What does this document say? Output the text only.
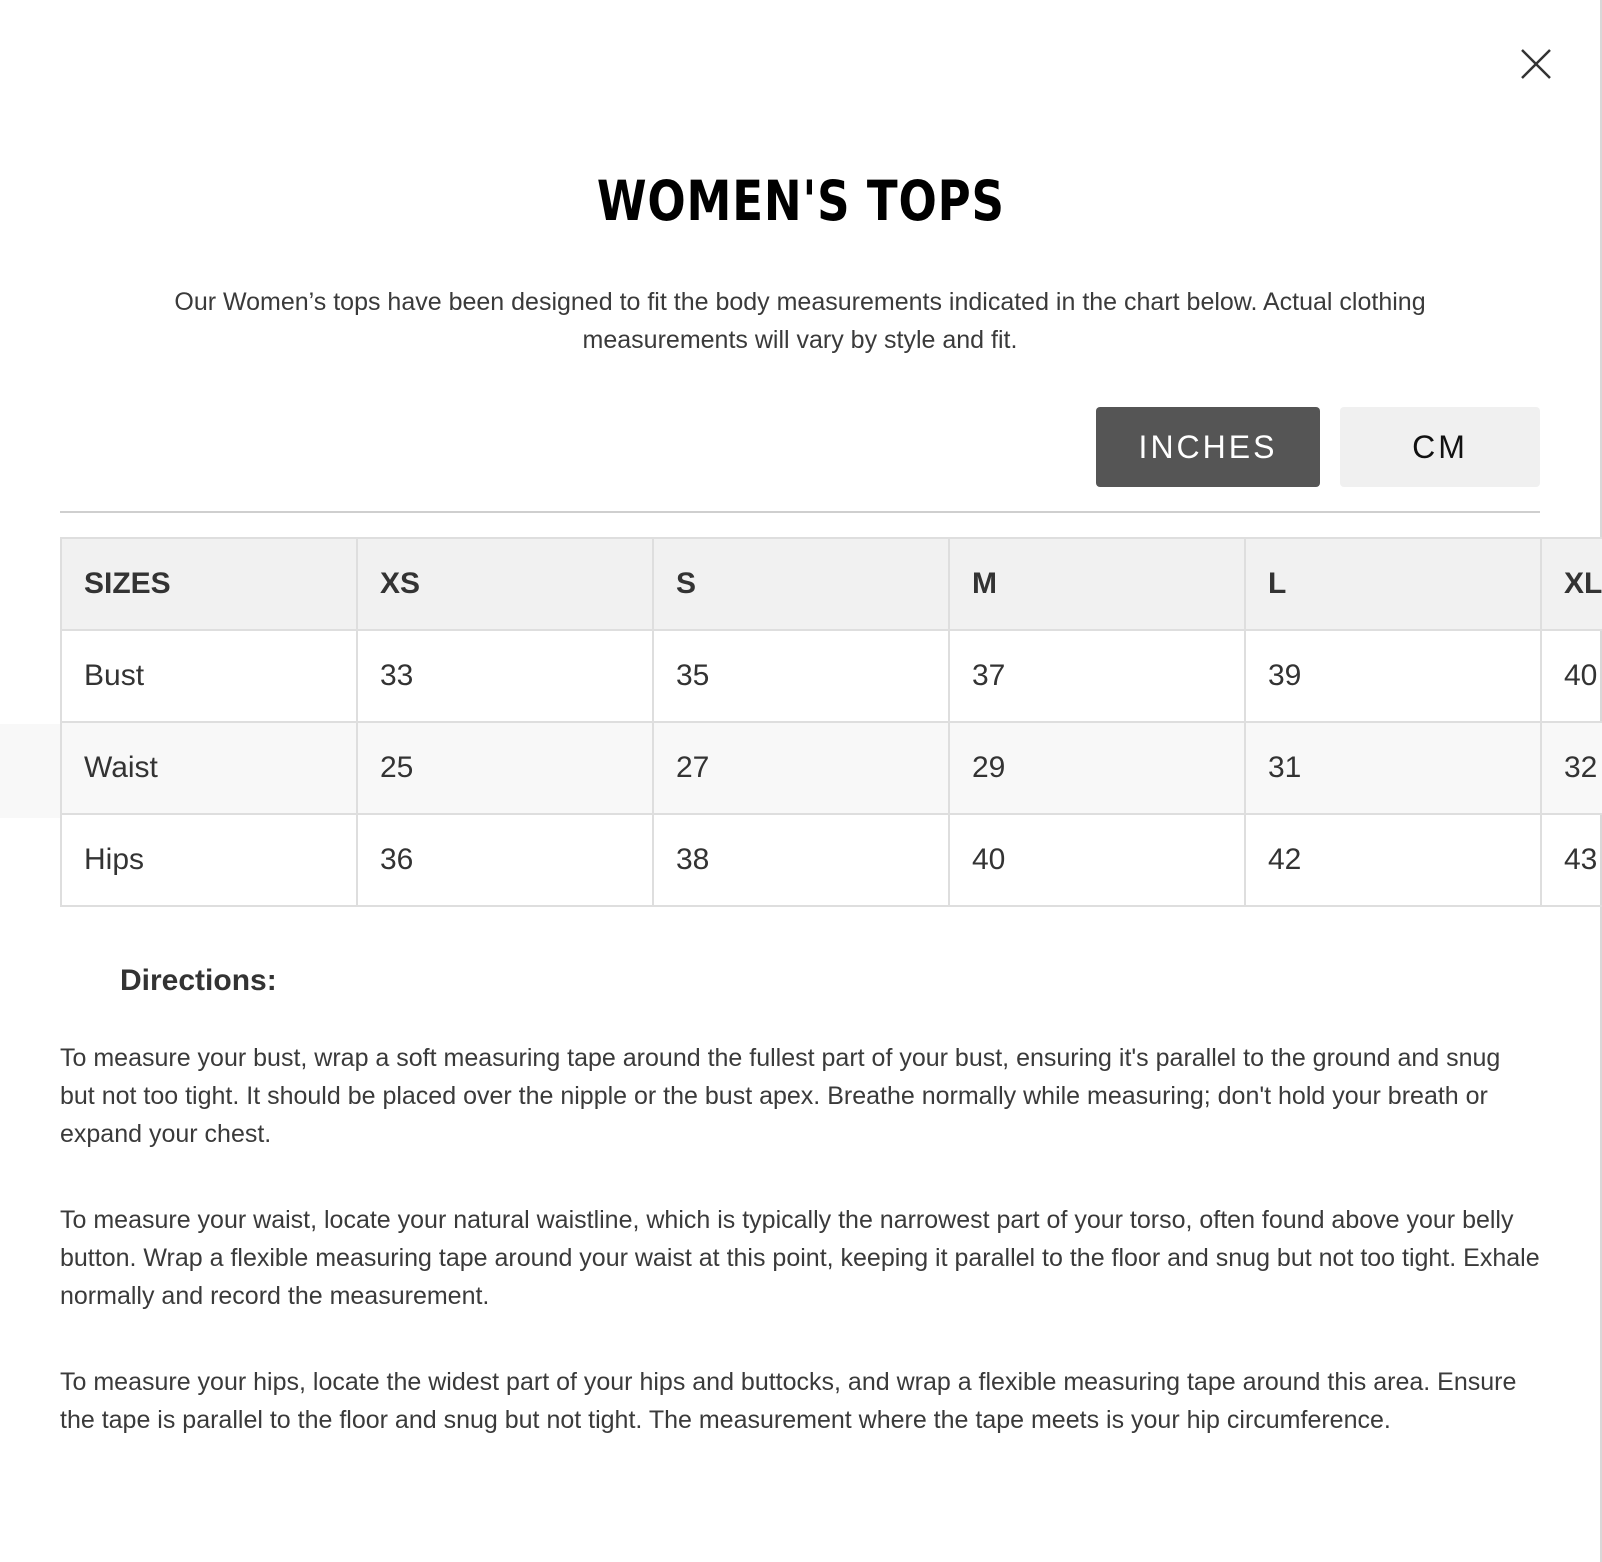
WOMEN'S TOPS

Our Women’s tops have been designed to fit the body measurements indicated in the chart below. Actual clothing measurements will vary by style and fit.

INCHES	CM
SIZES	XS	S	M	L	XL
Bust	33	35	37	39	40
Waist	25	27	29	31	32
Hips	36	38	40	42	43
Directions:

To measure your bust, wrap a soft measuring tape around the fullest part of your bust, ensuring it's parallel to the ground and snug but not too tight. It should be placed over the nipple or the bust apex. Breathe normally while measuring; don't hold your breath or expand your chest.

To measure your waist, locate your natural waistline, which is typically the narrowest part of your torso, often found above your belly button. Wrap a flexible measuring tape around your waist at this point, keeping it parallel to the floor and snug but not too tight. Exhale normally and record the measurement.

To measure your hips, locate the widest part of your hips and buttocks, and wrap a flexible measuring tape around this area. Ensure the tape is parallel to the floor and snug but not tight. The measurement where the tape meets is your hip circumference.
